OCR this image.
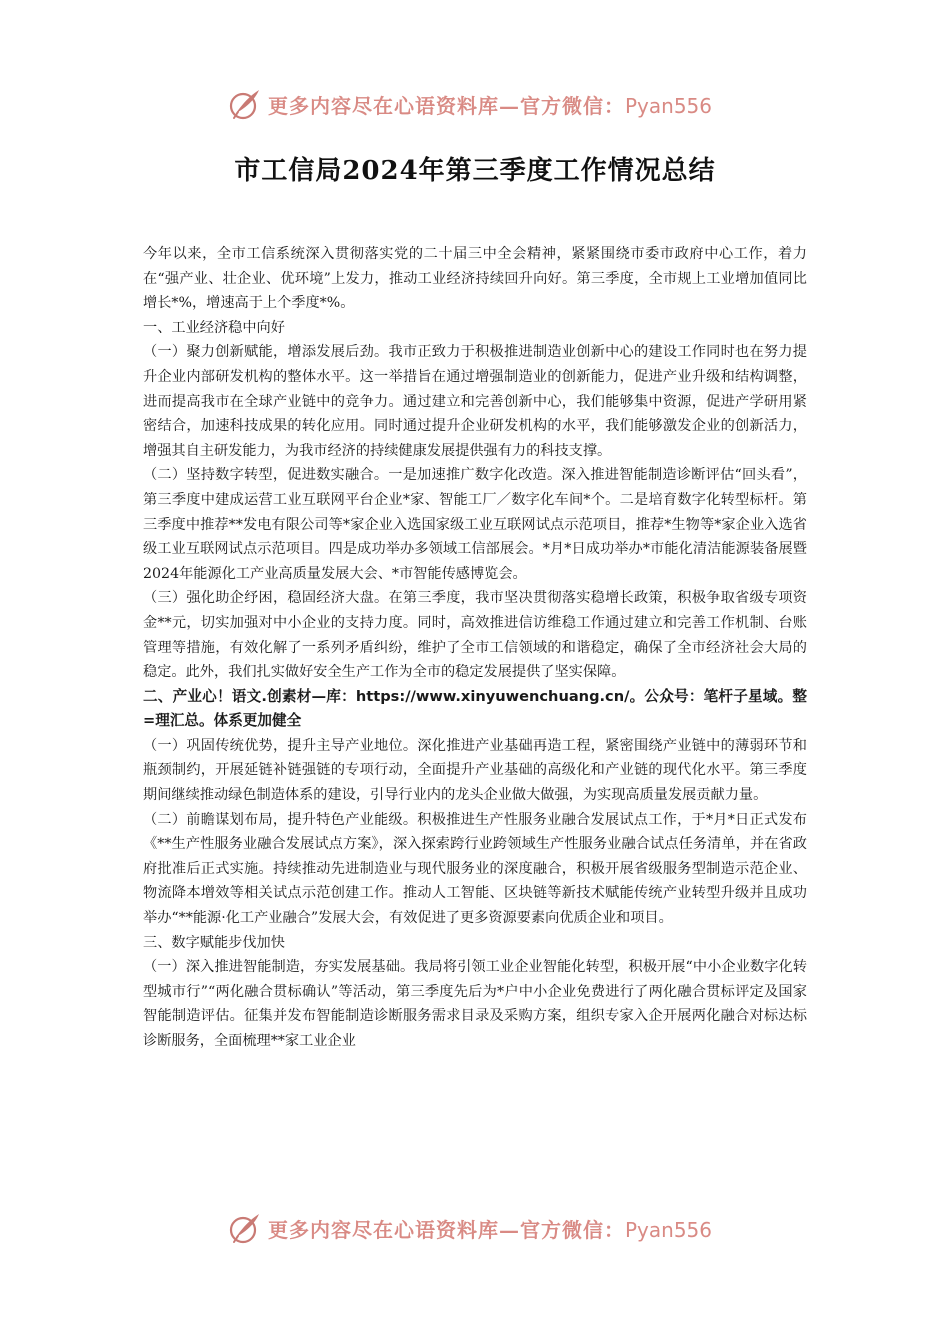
更多内容尽在心语资料库—官方微信：Pyan556
市工信局2024年第三季度工作情况总结

今年以来，全市工信系统深入贯彻落实党的二十届三中全会精神，紧紧围绕市委市政府中心工作，着力在“强产业、壮企业、优环境”上发力，推动工业经济持续回升向好。第三季度，全市规上工业增加值同比增长*%，增速高于上个季度*%。

一、工业经济稳中向好

（一）聚力创新赋能，增添发展后劲。我市正致力于积极推进制造业创新中心的建设工作同时也在努力提升企业内部研发机构的整体水平。这一举措旨在通过增强制造业的创新能力，促进产业升级和结构调整，进而提高我市在全球产业链中的竞争力。通过建立和完善创新中心，我们能够集中资源，促进产学研用紧密结合，加速科技成果的转化应用。同时通过提升企业研发机构的水平，我们能够激发企业的创新活力，增强其自主研发能力，为我市经济的持续健康发展提供强有力的科技支撑。

（二）坚持数字转型，促进数实融合。一是加速推广数字化改造。深入推进智能制造诊断评估“回头看”，第三季度中建成运营工业互联网平台企业*家、智能工厂／数字化车间*个。二是培育数字化转型标杆。第三季度中推荐**发电有限公司等*家企业入选国家级工业互联网试点示范项目，推荐*生物等*家企业入选省级工业互联网试点示范项目。四是成功举办多领域工信部展会。*月*日成功举办*市能化清洁能源装备展暨2024年能源化工产业高质量发展大会、*市智能传感博览会。

（三）强化助企纾困，稳固经济大盘。在第三季度，我市坚决贯彻落实稳增长政策，积极争取省级专项资金**元，切实加强对中小企业的支持力度。同时，高效推进信访维稳工作通过建立和完善工作机制、台账管理等措施，有效化解了一系列矛盾纠纷，维护了全市工信领域的和谐稳定，确保了全市经济社会大局的稳定。此外，我们扎实做好安全生产工作为全市的稳定发展提供了坚实保障。

二、产业心！语文.创素材—库：https://www.xinyuwenchuang.cn/。公众号：笔杆子星域。整=理汇总。体系更加健全

（一）巩固传统优势，提升主导产业地位。深化推进产业基础再造工程，紧密围绕产业链中的薄弱环节和瓶颈制约，开展延链补链强链的专项行动，全面提升产业基础的高级化和产业链的现代化水平。第三季度期间继续推动绿色制造体系的建设，引导行业内的龙头企业做大做强，为实现高质量发展贡献力量。

（二）前瞻谋划布局，提升特色产业能级。积极推进生产性服务业融合发展试点工作，于*月*日正式发布《**生产性服务业融合发展试点方案》，深入探索跨行业跨领域生产性服务业融合试点任务清单，并在省政府批准后正式实施。持续推动先进制造业与现代服务业的深度融合，积极开展省级服务型制造示范企业、物流降本增效等相关试点示范创建工作。推动人工智能、区块链等新技术赋能传统产业转型升级并且成功举办“**能源·化工产业融合”发展大会，有效促进了更多资源要素向优质企业和项目。

三、数字赋能步伐加快

（一）深入推进智能制造，夯实发展基础。我局将引领工业企业智能化转型，积极开展“中小企业数字化转型城市行”“两化融合贯标确认”等活动，第三季度先后为*户中小企业免费进行了两化融合贯标评定及国家智能制造评估。征集并发布智能制造诊断服务需求目录及采购方案，组织专家入企开展两化融合对标达标诊断服务，全面梳理**家工业企业

更多内容尽在心语资料库—官方微信：Pyan556
